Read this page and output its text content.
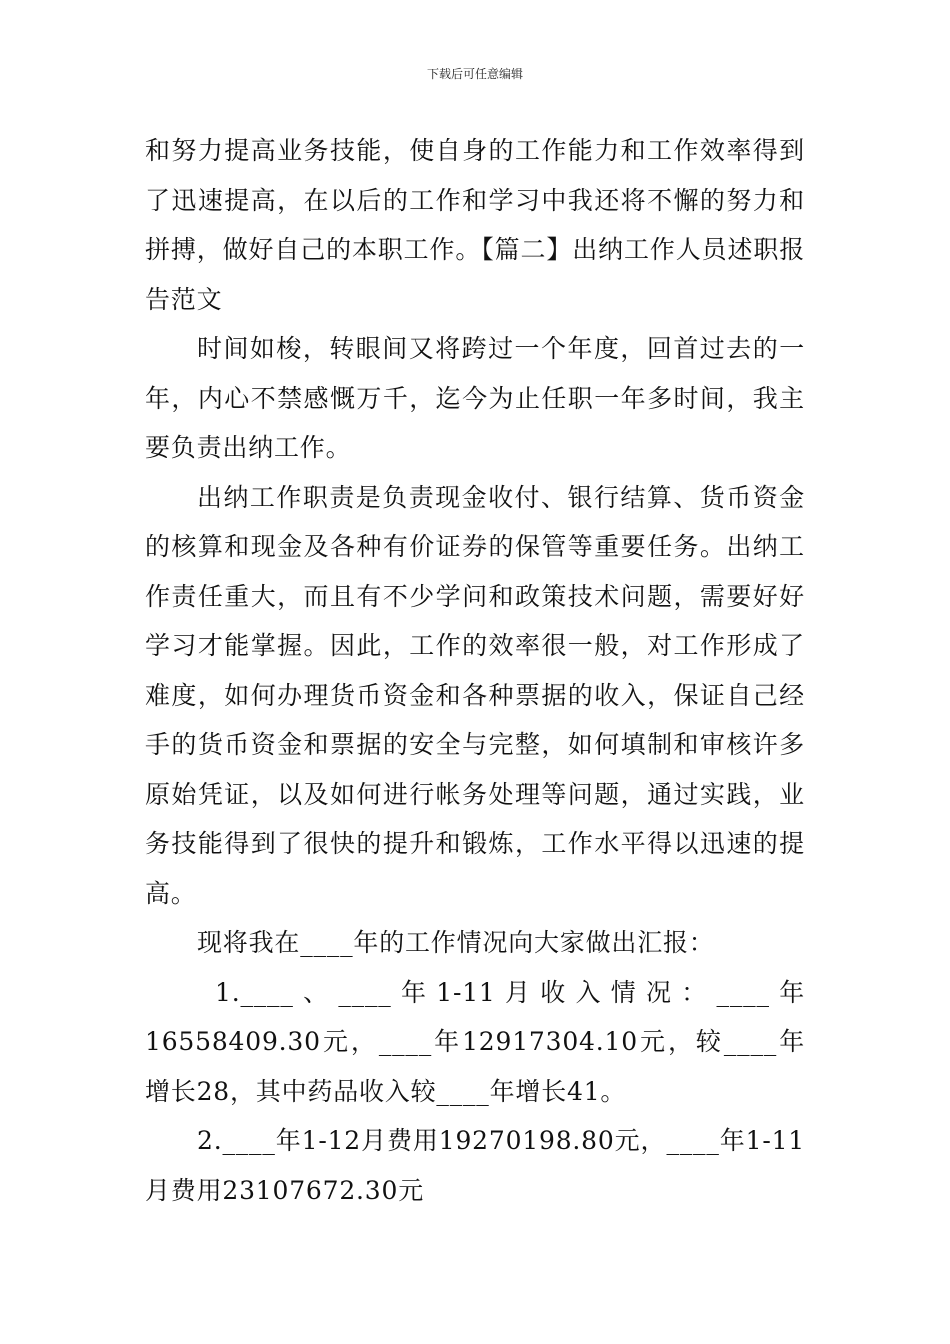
下载后可任意编辑

和努力提高业务技能，使自身的工作能力和工作效率得到了迅速提高，在以后的工作和学习中我还将不懈的努力和拼搏，做好自己的本职工作。【篇二】出纳工作人员述职报告范文

时间如梭，转眼间又将跨过一个年度，回首过去的一年，内心不禁感慨万千，迄今为止任职一年多时间，我主要负责出纳工作。

出纳工作职责是负责现金收付、银行结算、货币资金的核算和现金及各种有价证券的保管等重要任务。出纳工作责任重大，而且有不少学问和政策技术问题，需要好好学习才能掌握。因此，工作的效率很一般，对工作形成了难度，如何办理货币资金和各种票据的收入，保证自己经手的货币资金和票据的安全与完整，如何填制和审核许多原始凭证，以及如何进行帐务处理等问题，通过实践，业务技能得到了很快的提升和锻炼，工作水平得以迅速的提高。

现将我在____年的工作情况向大家做出汇报：

1.____、____年1-11月收入情况：____年16558409.30元，____年12917304.10元，较____年增长28，其中药品收入较____年增长41。

2.____年1-12月费用19270198.80元，____年1-11月费用23107672.30元
